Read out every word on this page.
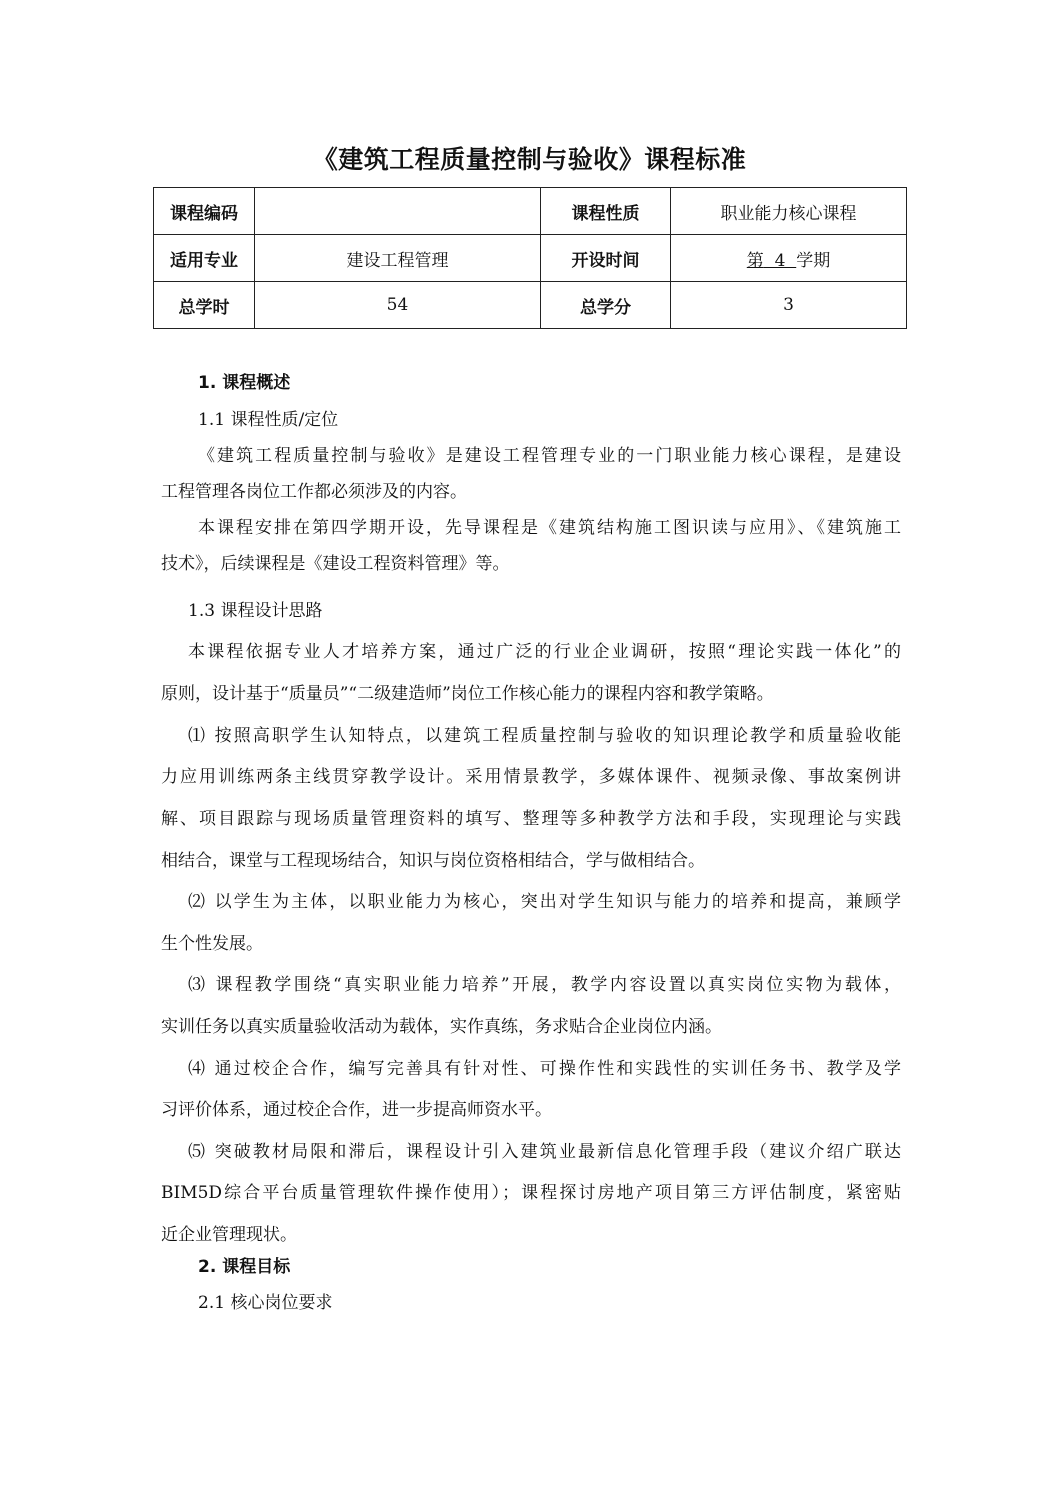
《建筑工程质量控制与验收》课程标准
课程编码		课程性质	职业能力核心课程
适用专业	建设工程管理	开设时间	第  4  学期
总学时	54	总学分	3
1. 课程概述
1.1 课程性质/定位
《建筑工程质量控制与验收》是建设工程管理专业的一门职业能力核心课程，是建设
工程管理各岗位工作都必须涉及的内容。
本课程安排在第四学期开设，先导课程是《建筑结构施工图识读与应用》、《建筑施工
技术》，后续课程是《建设工程资料管理》等。
1.3 课程设计思路
本课程依据专业人才培养方案，通过广泛的行业企业调研，按照“理论实践一体化”的
原则，设计基于“质量员”“二级建造师”岗位工作核心能力的课程内容和教学策略。
⑴ 按照高职学生认知特点，以建筑工程质量控制与验收的知识理论教学和质量验收能
力应用训练两条主线贯穿教学设计。采用情景教学，多媒体课件、视频录像、事故案例讲
解、项目跟踪与现场质量管理资料的填写、整理等多种教学方法和手段，实现理论与实践
相结合，课堂与工程现场结合，知识与岗位资格相结合，学与做相结合。
⑵ 以学生为主体，以职业能力为核心，突出对学生知识与能力的培养和提高，兼顾学
生个性发展。
⑶ 课程教学围绕“真实职业能力培养”开展，教学内容设置以真实岗位实物为载体，
实训任务以真实质量验收活动为载体，实作真练，务求贴合企业岗位内涵。
⑷ 通过校企合作，编写完善具有针对性、可操作性和实践性的实训任务书、教学及学
习评价体系，通过校企合作，进一步提高师资水平。
⑸ 突破教材局限和滞后，课程设计引入建筑业最新信息化管理手段（建议介绍广联达
BIM5D综合平台质量管理软件操作使用）；课程探讨房地产项目第三方评估制度，紧密贴
近企业管理现状。
2. 课程目标
2.1 核心岗位要求
